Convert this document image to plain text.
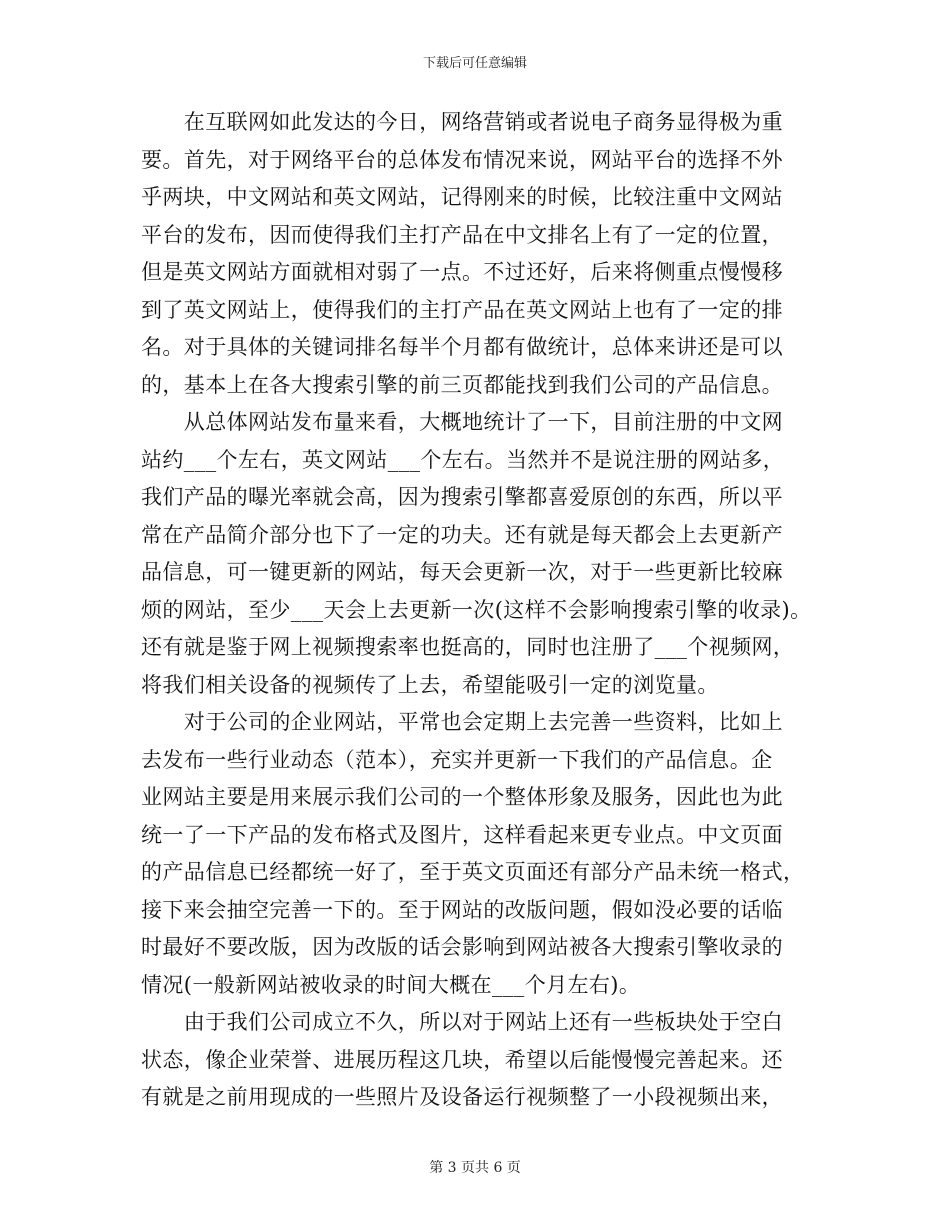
下载后可任意编辑
　　在互联网如此发达的今日，网络营销或者说电子商务显得极为重
要。首先，对于网络平台的总体发布情况来说，网站平台的选择不外
乎两块，中文网站和英文网站，记得刚来的时候，比较注重中文网站
平台的发布，因而使得我们主打产品在中文排名上有了一定的位置，
但是英文网站方面就相对弱了一点。不过还好，后来将侧重点慢慢移
到了英文网站上，使得我们的主打产品在英文网站上也有了一定的排
名。对于具体的关键词排名每半个月都有做统计，总体来讲还是可以
的，基本上在各大搜索引擎的前三页都能找到我们公司的产品信息。
　　从总体网站发布量来看，大概地统计了一下，目前注册的中文网
站约___个左右，英文网站___个左右。当然并不是说注册的网站多，
我们产品的曝光率就会高，因为搜索引擎都喜爱原创的东西，所以平
常在产品简介部分也下了一定的功夫。还有就是每天都会上去更新产
品信息，可一键更新的网站，每天会更新一次，对于一些更新比较麻
烦的网站，至少___天会上去更新一次(这样不会影响搜索引擎的收录)。
还有就是鉴于网上视频搜索率也挺高的，同时也注册了___个视频网，
将我们相关设备的视频传了上去，希望能吸引一定的浏览量。
　　对于公司的企业网站，平常也会定期上去完善一些资料，比如上
去发布一些行业动态（范本），充实并更新一下我们的产品信息。企
业网站主要是用来展示我们公司的一个整体形象及服务，因此也为此
统一了一下产品的发布格式及图片，这样看起来更专业点。中文页面
的产品信息已经都统一好了，至于英文页面还有部分产品未统一格式，
接下来会抽空完善一下的。至于网站的改版问题，假如没必要的话临
时最好不要改版，因为改版的话会影响到网站被各大搜索引擎收录的
情况(一般新网站被收录的时间大概在___个月左右)。
　　由于我们公司成立不久，所以对于网站上还有一些板块处于空白
状态，像企业荣誉、进展历程这几块，希望以后能慢慢完善起来。还
有就是之前用现成的一些照片及设备运行视频整了一小段视频出来，
第 3 页共 6 页
